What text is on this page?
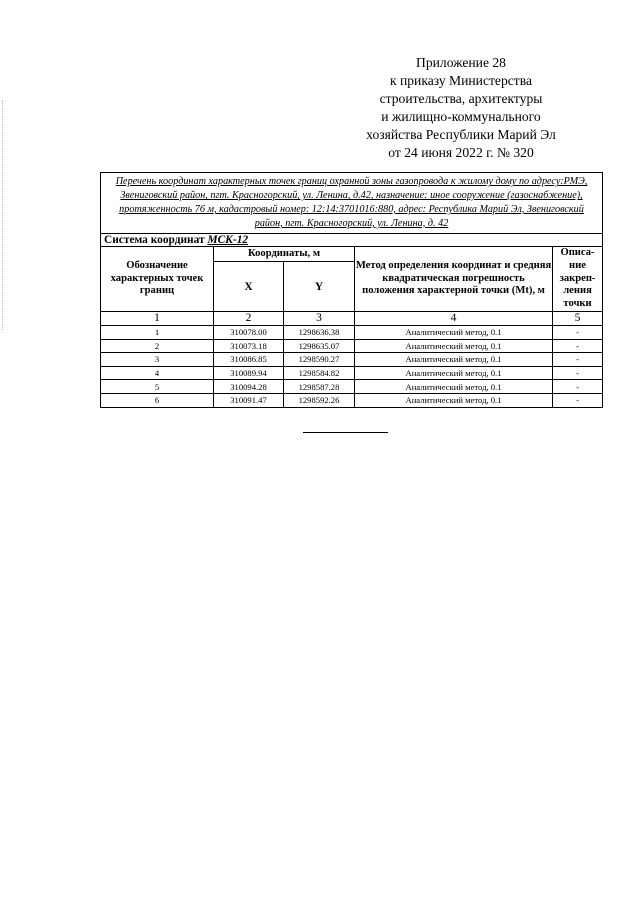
Приложение 28
к приказу Министерства
строительства, архитектуры
и жилищно-коммунального
хозяйства Республики Марий Эл
от 24 июня 2022 г. № 320
Перечень координат характерных точек границ охранной зоны газопровода к жилому дому по адресу:РМЭ, Звениговский район, пгт. Красногорский, ул. Ленина, д.42, назначение: иное сооружение (газоснабжение), протяженность 76 м, кадастровый номер: 12:14:3701016:880, адрес: Республика Марий Эл, Звениговский район, пгт. Красногорский, ул. Ленина, д. 42				
Система координат МСК-12				
Обозначение характерных точек границ	Координаты, м		Метод определения координат и средняя квадратическая погрешность положения характерной точки (Mt), м	Описа-ние закреп-ления точки
	X	Y		
1	2	3	4	5
1	310078.00	1298636.38	Аналитический метод, 0.1	-
2	310073.18	1298635.07	Аналитический метод, 0.1	-
3	310086.85	1298590.27	Аналитический метод, 0.1	-
4	310089.94	1298584.82	Аналитический метод, 0.1	-
5	310094.28	1298587.28	Аналитический метод, 0.1	-
6	310091.47	1298592.26	Аналитический метод, 0.1	-
